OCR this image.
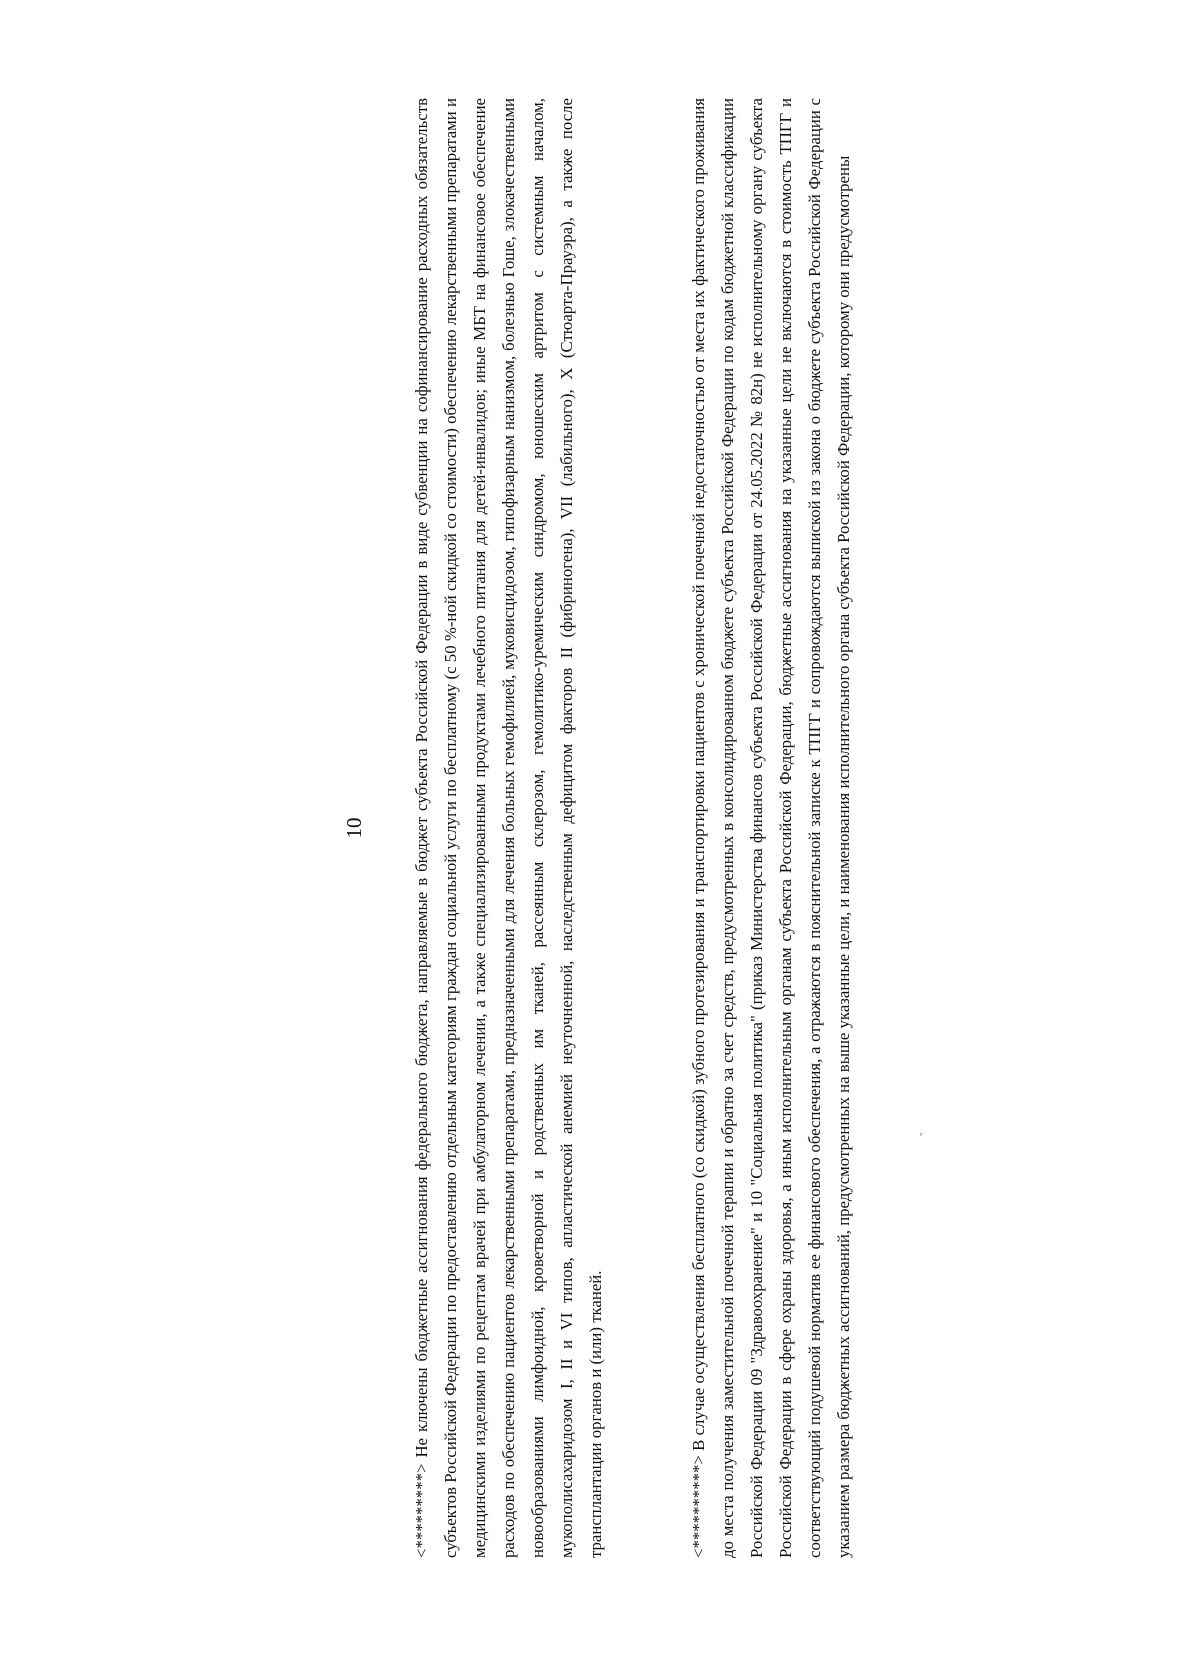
10

<*********> Не ключены бюджетные ассигнования федерального бюджета, направляемые в бюджет субъекта Российской Федерации в виде субвенции на софинансирование расходных обязательств субъектов Российской Федерации по предоставлению отдельным категориям граждан социальной услуги по бесплатному (с 50 %-ной скидкой со стоимости) обеспечению лекарственными препаратами и медицинскими изделиями по рецептам врачей при амбулаторном лечении, а также специализированными продуктами лечебного питания для детей-инвалидов; иные МБТ на финансовое обеспечение расходов по обеспечению пациентов лекарственными препаратами, предназначенными для лечения больных гемофилией, муковисцидозом, гипофизарным нанизмом, болезнью Гоше, злокачественными новообразованиями лимфоидной, кроветворной и родственных им тканей, рассеянным склерозом, гемолитико-уремическим синдромом, юношеским артритом с системным началом, мукополисахаридозом I, II и VI типов, апластической анемией неуточненной, наследственным дефицитом факторов II (фибриногена), VII (лабильного), X (Стюарта-Прауэра), а также после трансплантации органов и (или) тканей.	<**********> В случае осуществления бесплатного (со скидкой) зубного протезирования и транспортировки пациентов с хронической почечной недостаточностью от места их фактического проживания до места получения заместительной почечной терапии и обратно за счет средств, предусмотренных в консолидированном бюджете субъекта Российской Федерации по кодам бюджетной классификации Российской Федерации 09 "Здравоохранение" и 10 "Социальная политика" (приказ Министерства финансов субъекта Российской Федерации от 24.05.2022 № 82н) не исполнительному органу субъекта Российской Федерации в сфере охраны здоровья, а иным исполнительным органам субъекта Российской Федерации, бюджетные ассигнования на указанные цели не включаются в стоимость ТПГГ и соответствующий подушевой норматив ее финансового обеспечения, а отражаются в пояснительной записке к ТПГГ и сопровождаются выпиской из закона о бюджете субъекта Российской Федерации с указанием размера бюджетных ассигнований, предусмотренных на выше указанные цели, и наименования исполнительного органа субъекта Российской Федерации, которому они предусмотрены	ʼ
